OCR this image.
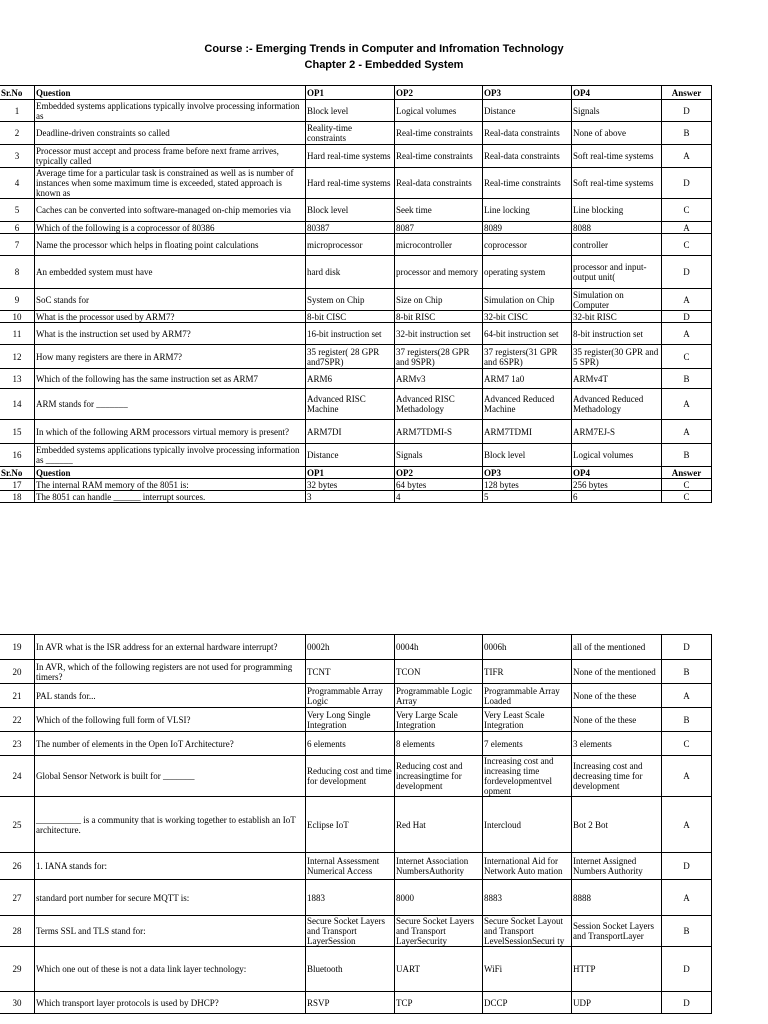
Course :- Emerging Trends in Computer and Infromation Technology
Chapter 2 - Embedded System
Sr.No	Question	OP1	OP2	OP3	OP4	Answer
1	Embedded systems applications typically involve processing information as	Block level	Logical volumes	Distance	Signals	D
2	Deadline-driven constraints so called	Reality-time constraints	Real-time constraints	Real-data constraints	None of above	B
3	Processor must accept and process frame before next frame arrives, typically called	Hard real-time systems	Real-time constraints	Real-data constraints	Soft real-time systems	A
4	Average time for a particular task is constrained as well as is number of instances when some maximum time is exceeded, stated approach is known as	Hard real-time systems	Real-data constraints	Real-time constraints	Soft real-time systems	D
5	Caches can be converted into software-managed on-chip memories via	Block level	Seek time	Line locking	Line blocking	C
6	Which of the following is a coprocessor of 80386	80387	8087	8089	8088	A
7	Name the processor which helps in floating point calculations	microprocessor	microcontroller	coprocessor	controller	C
8	An embedded system must have	hard disk	processor and memory	operating system	processor and input-output unit(	D
9	SoC stands for	System on Chip	Size on Chip	Simulation on Chip	Simulation on Computer	A
10	What is the processor used by ARM7?	8-bit CISC	8-bit RISC	32-bit CISC	32-bit RISC	D
11	What is the instruction set used by ARM7?	16-bit instruction set	32-bit instruction set	64-bit instruction set	8-bit instruction set	A
12	How many registers are there in ARM7?	35 register( 28 GPR and7SPR)	37 registers(28 GPR and 9SPR)	37 registers(31 GPR and 6SPR)	35 register(30 GPR and 5 SPR)	C
13	Which of the following has the same instruction set as ARM7	ARM6	ARMv3	ARM7 1a0	ARMv4T	B
14	ARM stands for _______	Advanced RISC Machine	Advanced RISC Methadology	Advanced Reduced Machine	Advanced Reduced Methadology	A
15	In which of the following ARM processors virtual memory is present?	ARM7DI	ARM7TDMI-S	ARM7TDMI	ARM7EJ-S	A
16	Embedded systems applications typically involve processing information as ______	Distance	Signals	Block level	Logical volumes	B
Sr.No	Question	OP1	OP2	OP3	OP4	Answer
17	The internal RAM memory of the 8051 is:	32 bytes	64 bytes	128 bytes	256 bytes	C
18	The 8051 can handle ______ interrupt sources.	3	4	5	6	C
19	In AVR what is the ISR address for an external hardware interrupt?	0002h	0004h	0006h	all of the mentioned	D
20	In AVR, which of the following registers are not used for programming timers?	TCNT	TCON	TIFR	None of the mentioned	B
21	PAL stands for...	Programmable Array Logic	Programmable Logic Array	Programmable Array Loaded	None of the these	A
22	Which of the following full form of VLSI?	Very Long Single Integration	Very Large Scale Integration	Very Least Scale Integration	None of the these	B
23	The number of elements in the Open IoT Architecture?	6 elements	8 elements	7 elements	3 elements	C
24	Global Sensor Network is built for _______	Reducing cost and time for development	Reducing cost and increasingtime for development	Increasing cost and increasing time fordevelopmentvel opment	Increasing cost and decreasing time for development	A
25	__________ is a community that is working together to establish an IoT architecture.	Eclipse IoT	Red Hat	Intercloud	Bot 2 Bot	A
26	1. IANA stands for:	Internal Assessment Numerical Access	Internet Association NumbersAuthority	International Aid for Network Auto mation	Internet Assigned Numbers Authority	D
27	standard port number for secure MQTT is:	1883	8000	8883	8888	A
28	Terms SSL and TLS stand for:	Secure Socket Layers and Transport LayerSession	Secure Socket Layers and Transport LayerSecurity	Secure Socket Layout and Transport LevelSessionSecuri ty	Session Socket Layers and TransportLayer	B
29	Which one out of these is not a data link layer technology:	Bluetooth	UART	WiFi	HTTP	D
30	Which transport layer protocols is used by DHCP?	RSVP	TCP	DCCP	UDP	D
